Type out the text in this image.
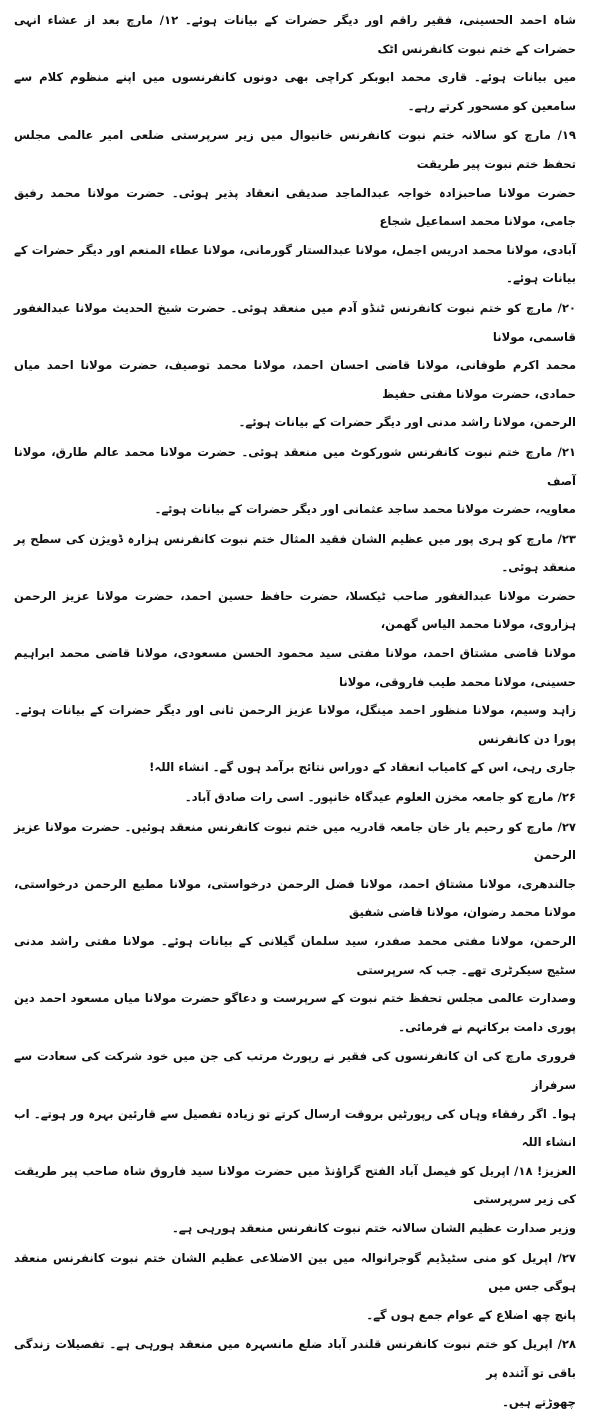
شاہ احمد الحسینی، فقیر راقم اور دیگر حضرات کے بیانات ہوئے۔ ۱۲/ مارچ بعد از عشاء انہی حضرات کے ختم نبوت کانفرنس اٹک
میں بیانات ہوئے۔ قاری محمد ابوبکر کراچی بھی دونوں کانفرنسوں میں اپنے منظوم کلام سے سامعین کو مسحور کرتے رہے۔

۱۹/ مارچ کو سالانہ ختم نبوت کانفرنس خانیوال میں زیر سرپرستی ضلعی امیر عالمی مجلس تحفظ ختم نبوت پیر طریقت
حضرت مولانا صاحبزادہ خواجہ عبدالماجد صدیقی انعقاد پذیر ہوئی۔ حضرت مولانا محمد رفیق جامی، مولانا محمد اسماعیل شجاع
آبادی، مولانا محمد ادریس اجمل، مولانا عبدالستار گورمانی، مولانا عطاء المنعم اور دیگر حضرات کے بیانات ہوئے۔

۲۰/ مارچ کو ختم نبوت کانفرنس ٹنڈو آدم میں منعقد ہوئی۔ حضرت شیخ الحدیث مولانا عبدالغفور قاسمی، مولانا
محمد اکرم طوفانی، مولانا قاضی احسان احمد، مولانا محمد توصیف، حضرت مولانا احمد میاں حمادی، حضرت مولانا مفتی حفیظ
الرحمن، مولانا راشد مدنی اور دیگر حضرات کے بیانات ہوئے۔

۲۱/ مارچ ختم نبوت کانفرنس شورکوٹ میں منعقد ہوئی۔ حضرت مولانا محمد عالم طارق، مولانا آصف
معاویہ، حضرت مولانا محمد ساجد عثمانی اور دیگر حضرات کے بیانات ہوئے۔

۲۳/ مارچ کو ہری پور میں عظیم الشان فقید المثال ختم نبوت کانفرنس ہزارہ ڈویژن کی سطح پر منعقد ہوئی۔
حضرت مولانا عبدالغفور صاحب ٹیکسلا، حضرت حافظ حسین احمد، حضرت مولانا عزیز الرحمن ہزاروی، مولانا محمد الیاس گھمن،
مولانا قاضی مشتاق احمد، مولانا مفتی سید محمود الحسن مسعودی، مولانا قاضی محمد ابراہیم حسینی، مولانا محمد طیب فاروقی، مولانا
زاہد وسیم، مولانا منظور احمد مینگل، مولانا عزیز الرحمن ثانی اور دیگر حضرات کے بیانات ہوئے۔ پورا دن کانفرنس
جاری رہی، اس کے کامیاب انعقاد کے دوراس نتائج برآمد ہوں گے۔ انشاء اللہ!

۲۶/ مارچ کو جامعہ مخزن العلوم عیدگاہ خانپور۔ اسی رات صادق آباد۔

۲۷/ مارچ کو رحیم یار خان جامعہ قادریہ میں ختم نبوت کانفرنس منعقد ہوئیں۔ حضرت مولانا عزیز الرحمن
جالندھری، مولانا مشتاق احمد، مولانا فضل الرحمن درخواستی، مولانا مطیع الرحمن درخواستی، مولانا محمد رضوان، مولانا قاضی شفیق
الرحمن، مولانا مفتی محمد صفدر، سید سلمان گیلانی کے بیانات ہوئے۔ مولانا مفتی راشد مدنی سٹیج سیکرٹری تھے۔ جب کہ سرپرستی
وصدارت عالمی مجلس تحفظ ختم نبوت کے سرپرست و دعاگو حضرت مولانا میاں مسعود احمد دین پوری دامت برکاتہم نے فرمائی۔

فروری مارچ کی ان کانفرنسوں کی فقیر نے رپورٹ مرتب کی جن میں خود شرکت کی سعادت سے سرفراز
ہوا۔ اگر رفقاء وہاں کی رپورٹیں بروقت ارسال کرتے تو زیادہ تفصیل سے قارئین بہرہ ور ہوتے۔ اب انشاء اللہ
العزیز! ۱۸/ اپریل کو فیصل آباد الفتح گراؤنڈ میں حضرت مولانا سید فاروق شاہ صاحب پیر طریقت کی زیر سرپرستی
وزیر صدارت عظیم الشان سالانہ ختم نبوت کانفرنس منعقد ہورہی ہے۔

۲۷/ اپریل کو منی سٹیڈیم گوجرانوالہ میں بین الاضلاعی عظیم الشان ختم نبوت کانفرنس منعقد ہوگی جس میں
پانچ چھ اضلاع کے عوام جمع ہوں گے۔

۲۸/ اپریل کو ختم نبوت کانفرنس قلندر آباد ضلع مانسہرہ میں منعقد ہورہی ہے۔ تفصیلات زندگی باقی تو آئندہ پر
چھوڑتے ہیں۔
